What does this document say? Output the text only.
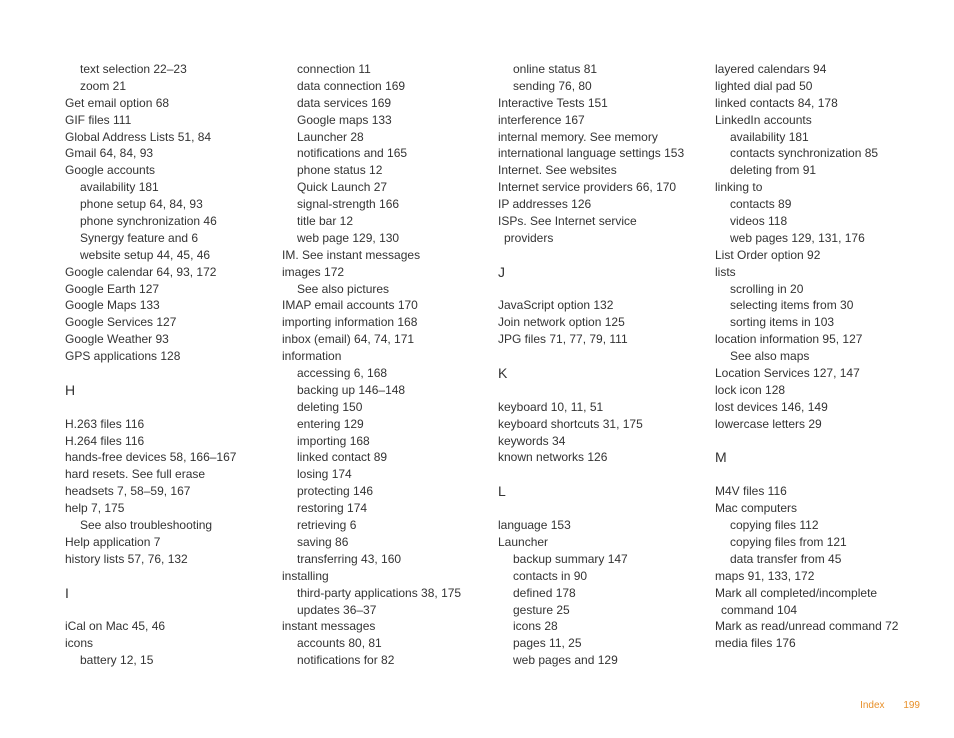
text selection 22–23
zoom 21
Get email option 68
GIF files 111
Global Address Lists 51, 84
Gmail 64, 84, 93
Google accounts
availability 181
phone setup 64, 84, 93
phone synchronization 46
Synergy feature and 6
website setup 44, 45, 46
Google calendar 64, 93, 172
Google Earth 127
Google Maps 133
Google Services 127
Google Weather 93
GPS applications 128
H
H.263 files 116
H.264 files 116
hands-free devices 58, 166–167
hard resets. See full erase
headsets 7, 58–59, 167
help 7, 175
See also troubleshooting
Help application 7
history lists 57, 76, 132
I
iCal on Mac 45, 46
icons
battery 12, 15
connection 11
data connection 169
data services 169
Google maps 133
Launcher 28
notifications and 165
phone status 12
Quick Launch 27
signal-strength 166
title bar 12
web page 129, 130
IM. See instant messages
images 172
See also pictures
IMAP email accounts 170
importing information 168
inbox (email) 64, 74, 171
information
accessing 6, 168
backing up 146–148
deleting 150
entering 129
importing 168
linked contact 89
losing 174
protecting 146
restoring 174
retrieving 6
saving 86
transferring 43, 160
installing
third-party applications 38, 175
updates 36–37
instant messages
accounts 80, 81
notifications for 82
online status 81
sending 76, 80
Interactive Tests 151
interference 167
internal memory. See memory
international language settings 153
Internet. See websites
Internet service providers 66, 170
IP addresses 126
ISPs. See Internet service
providers
J
JavaScript option 132
Join network option 125
JPG files 71, 77, 79, 111
K
keyboard 10, 11, 51
keyboard shortcuts 31, 175
keywords 34
known networks 126
L
language 153
Launcher
backup summary 147
contacts in 90
defined 178
gesture 25
icons 28
pages 11, 25
web pages and 129
layered calendars 94
lighted dial pad 50
linked contacts 84, 178
LinkedIn accounts
availability 181
contacts synchronization 85
deleting from 91
linking to
contacts 89
videos 118
web pages 129, 131, 176
List Order option 92
lists
scrolling in 20
selecting items from 30
sorting items in 103
location information 95, 127
See also maps
Location Services 127, 147
lock icon 128
lost devices 146, 149
lowercase letters 29
M
M4V files 116
Mac computers
copying files 112
copying files from 121
data transfer from 45
maps 91, 133, 172
Mark all completed/incomplete
command 104
Mark as read/unread command 72
media files 176
Index 199
